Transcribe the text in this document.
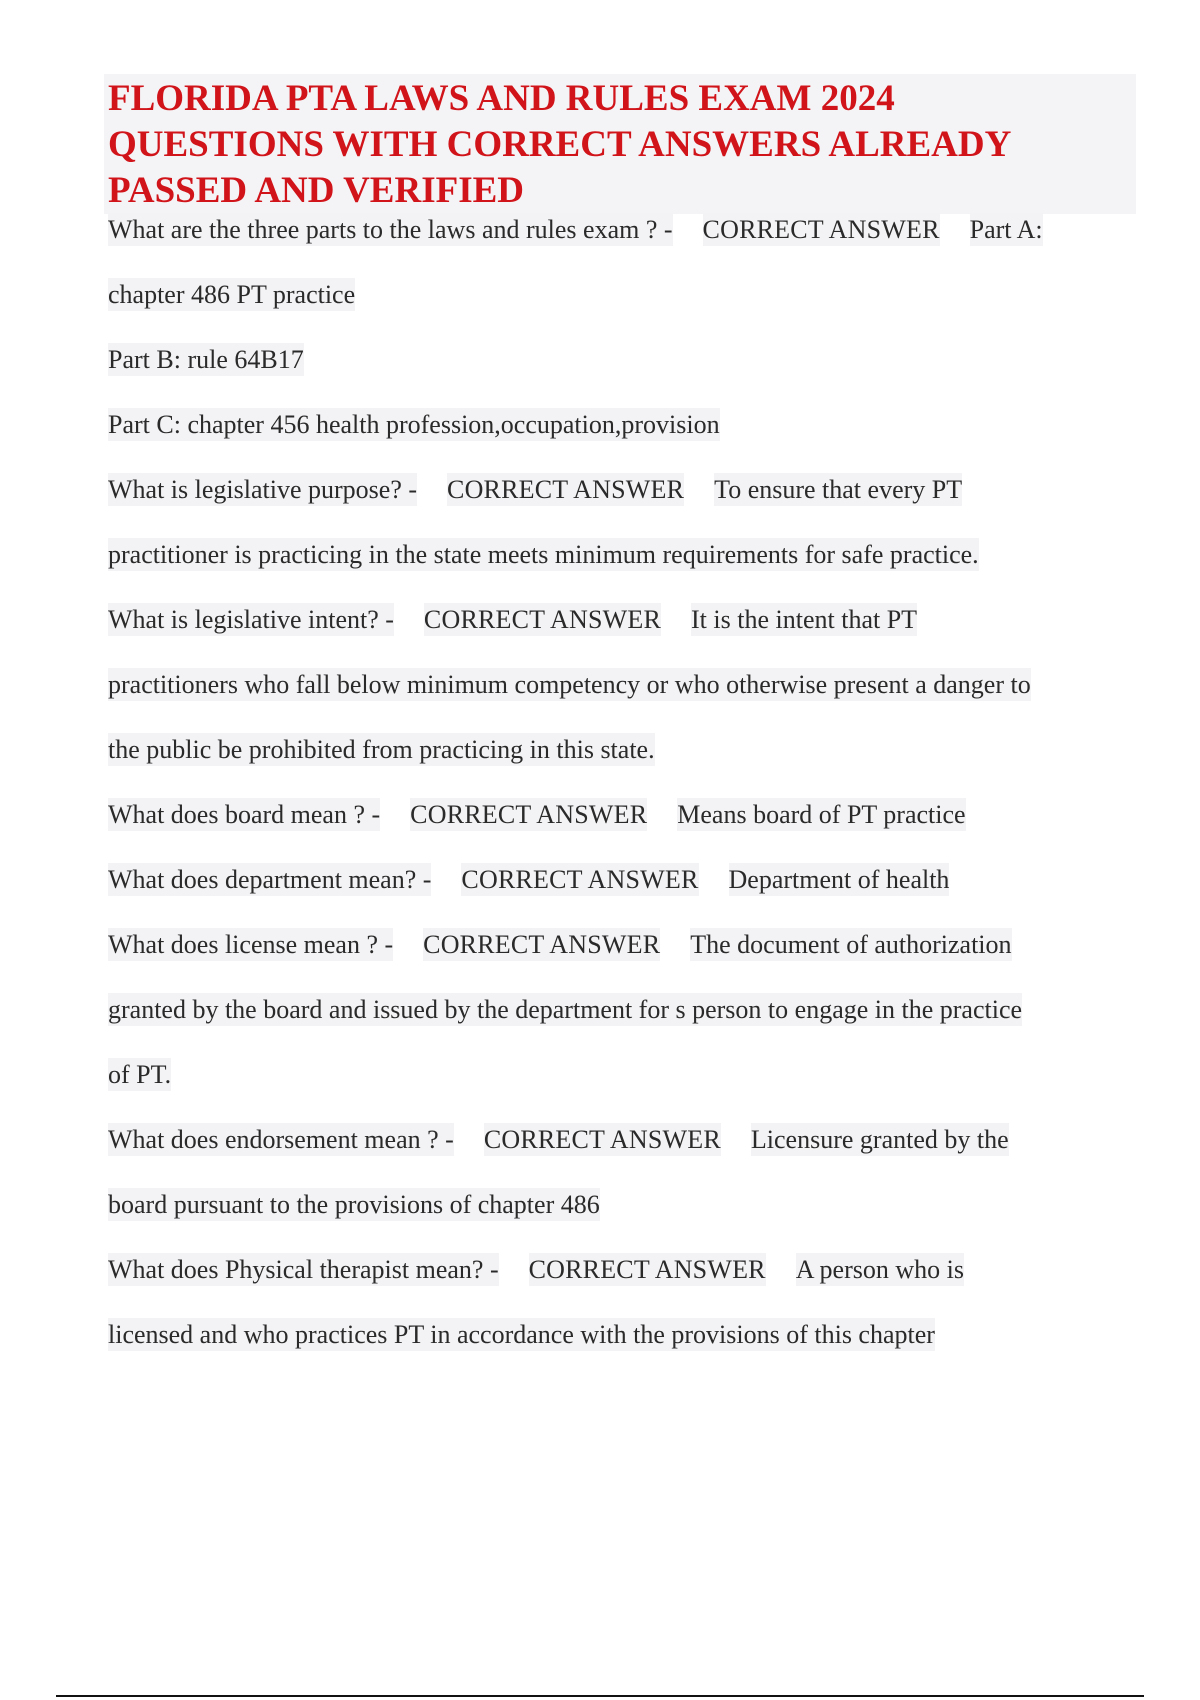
FLORIDA PTA LAWS AND RULES EXAM 2024
QUESTIONS WITH CORRECT ANSWERS ALREADY
PASSED AND VERIFIED
What are the three parts to the laws and rules exam ? - CORRECT ANSWER Part A:
chapter 486 PT practice
Part B: rule 64B17
Part C: chapter 456 health profession,occupation,provision
What is legislative purpose? - CORRECT ANSWER To ensure that every PT
practitioner is practicing in the state meets minimum requirements for safe practice.
What is legislative intent? - CORRECT ANSWER It is the intent that PT
practitioners who fall below minimum competency or who otherwise present a danger to
the public be prohibited from practicing in this state.
What does board mean ? - CORRECT ANSWER Means board of PT practice
What does department mean? - CORRECT ANSWER Department of health
What does license mean ? - CORRECT ANSWER The document of authorization
granted by the board and issued by the department for s person to engage in the practice
of PT.
What does endorsement mean ? - CORRECT ANSWER Licensure granted by the
board pursuant to the provisions of chapter 486
What does Physical therapist mean? - CORRECT ANSWER A person who is
licensed and who practices PT in accordance with the provisions of this chapter
